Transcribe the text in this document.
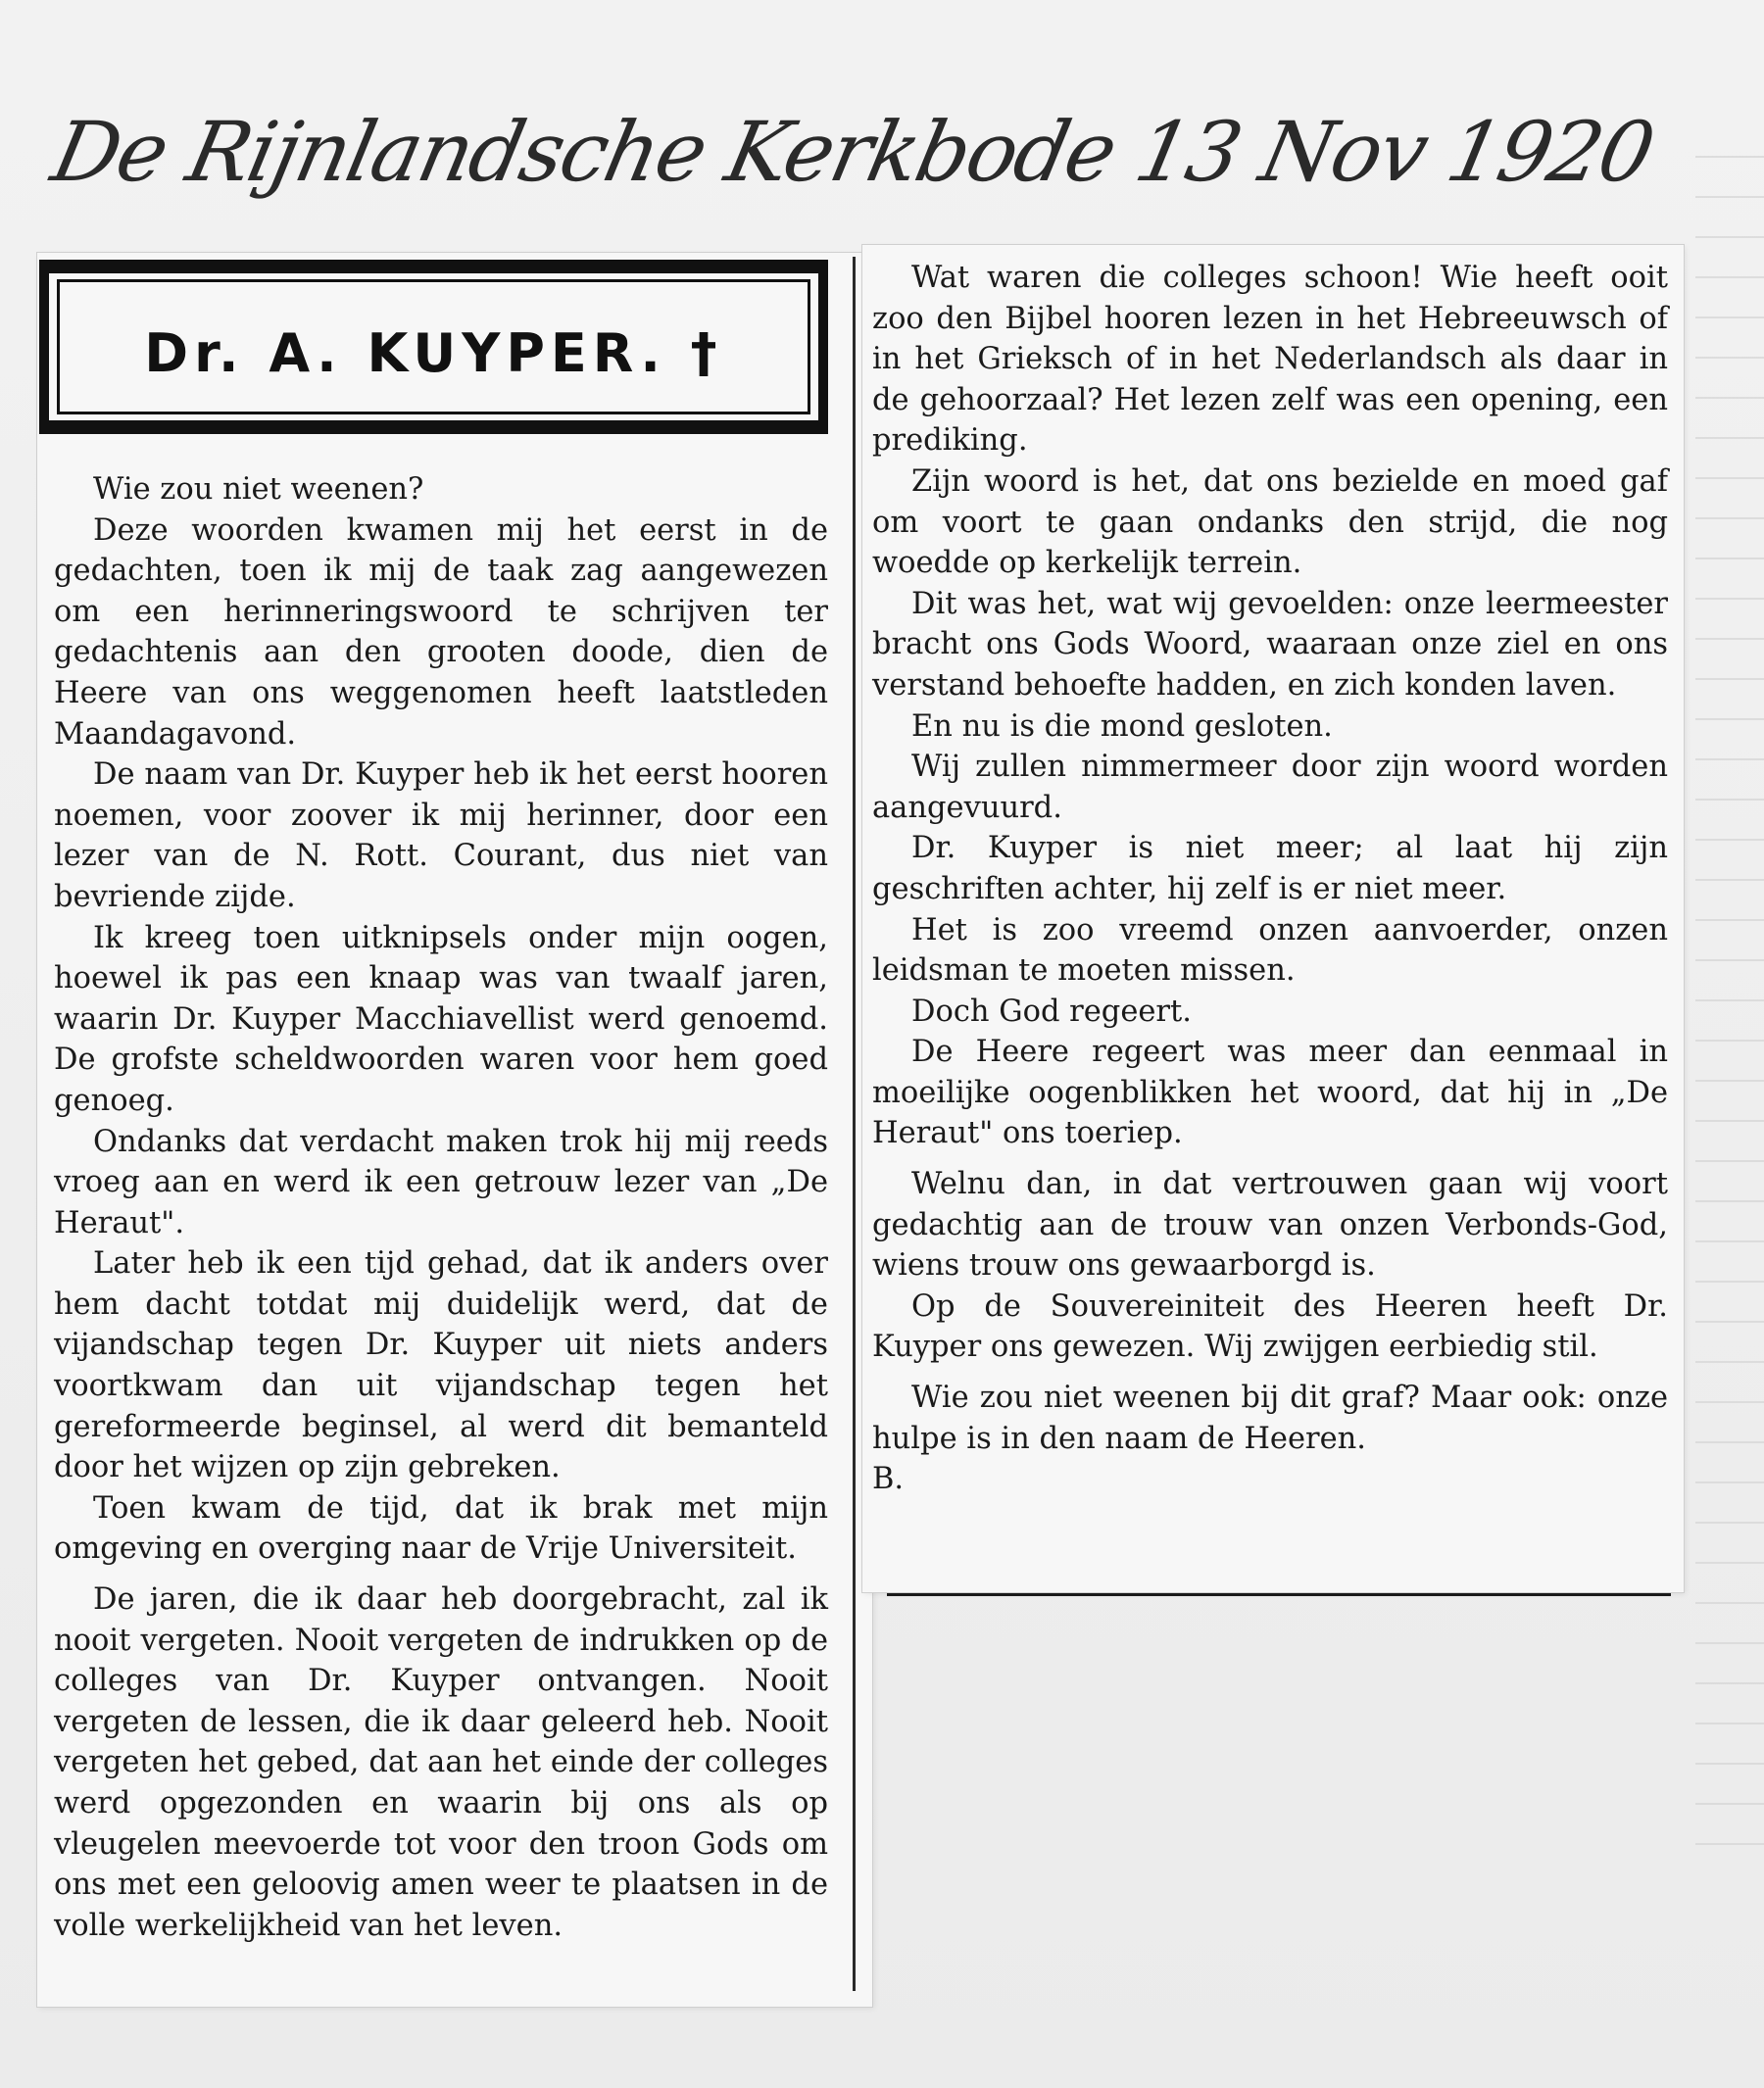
De Rijnlandsche Kerkbode 13 Nov 1920
Dr. A. KUYPER. †

Wie zou niet weenen?

Deze woorden kwamen mij het eerst in de gedachten, toen ik mij de taak zag aangewezen om een herinneringswoord te schrijven ter gedachtenis aan den grooten doode, dien de Heere van ons weggenomen heeft laatstleden Maandagavond.

De naam van Dr. Kuyper heb ik het eerst hooren noemen, voor zoover ik mij herinner, door een lezer van de N. Rott. Courant, dus niet van bevriende zijde.

Ik kreeg toen uitknipsels onder mijn oogen, hoewel ik pas een knaap was van twaalf jaren, waarin Dr. Kuyper Macchiavellist werd genoemd. De grofste scheldwoorden waren voor hem goed genoeg.

Ondanks dat verdacht maken trok hij mij reeds vroeg aan en werd ik een getrouw lezer van „De Heraut".

Later heb ik een tijd gehad, dat ik anders over hem dacht totdat mij duidelijk werd, dat de vijandschap tegen Dr. Kuyper uit niets anders voortkwam dan uit vijandschap tegen het gereformeerde beginsel, al werd dit bemanteld door het wijzen op zijn gebreken.

Toen kwam de tijd, dat ik brak met mijn omgeving en overging naar de Vrije Universiteit.

De jaren, die ik daar heb doorgebracht, zal ik nooit vergeten. Nooit vergeten de indrukken op de colleges van Dr. Kuyper ontvangen. Nooit vergeten de lessen, die ik daar geleerd heb. Nooit vergeten het gebed, dat aan het einde der colleges werd opgezonden en waarin bij ons als op vleugelen meevoerde tot voor den troon Gods om ons met een geloovig amen weer te plaatsen in de volle werkelijkheid van het leven.

Wat waren die colleges schoon! Wie heeft ooit zoo den Bijbel hooren lezen in het Hebreeuwsch of in het Grieksch of in het Nederlandsch als daar in de gehoorzaal? Het lezen zelf was een opening, een prediking.

Zijn woord is het, dat ons bezielde en moed gaf om voort te gaan ondanks den strijd, die nog woedde op kerkelijk terrein.

Dit was het, wat wij gevoelden: onze leermeester bracht ons Gods Woord, waaraan onze ziel en ons verstand behoefte hadden, en zich konden laven.

En nu is die mond gesloten.

Wij zullen nimmermeer door zijn woord worden aangevuurd.

Dr. Kuyper is niet meer; al laat hij zijn geschriften achter, hij zelf is er niet meer.

Het is zoo vreemd onzen aanvoerder, onzen leidsman te moeten missen.

Doch God regeert.

De Heere regeert was meer dan eenmaal in moeilijke oogenblikken het woord, dat hij in „De Heraut" ons toeriep.

Welnu dan, in dat vertrouwen gaan wij voort gedachtig aan de trouw van onzen Verbonds-God, wiens trouw ons gewaarborgd is.

Op de Souvereiniteit des Heeren heeft Dr. Kuyper ons gewezen. Wij zwijgen eerbiedig stil.

Wie zou niet weenen bij dit graf? Maar ook: onze hulpe is in den naam de Heeren.

B.
